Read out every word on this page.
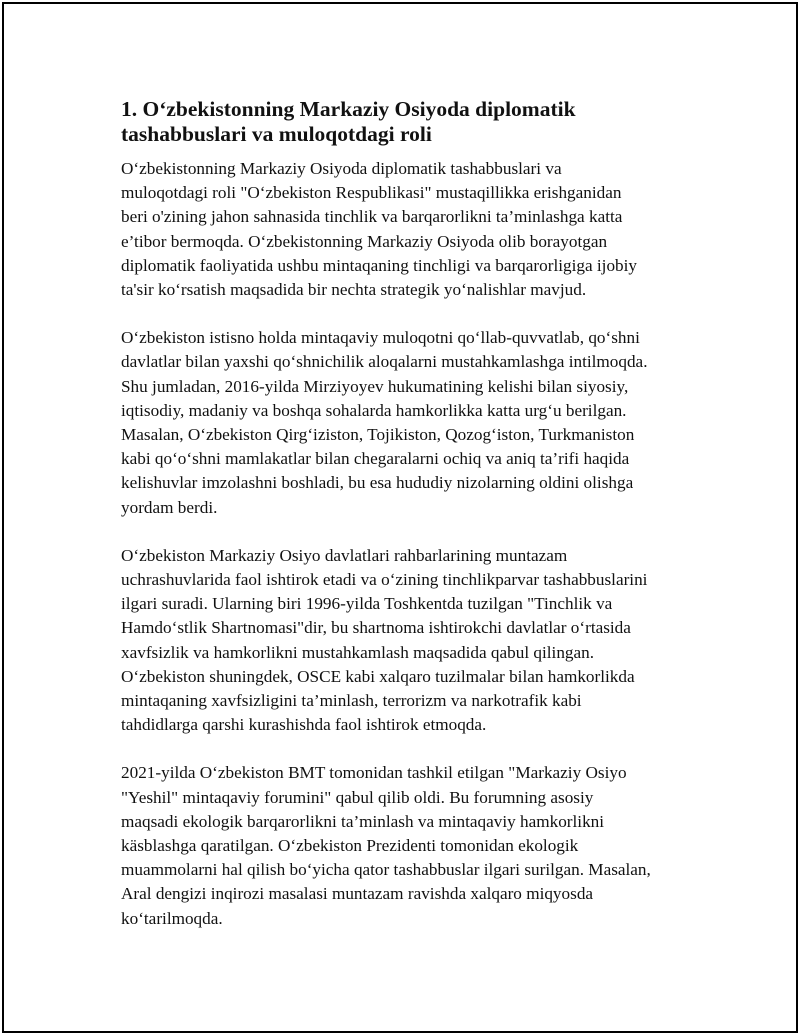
1. O‘zbekistonning Markaziy Osiyoda diplomatik
tashabbuslari va muloqotdagi roli

O‘zbekistonning Markaziy Osiyoda diplomatik tashabbuslari va
muloqotdagi roli "O‘zbekiston Respublikasi" mustaqillikka erishganidan
beri o'zining jahon sahnasida tinchlik va barqarorlikni ta’minlashga katta
e’tibor bermoqda. O‘zbekistonning Markaziy Osiyoda olib borayotgan
diplomatik faoliyatida ushbu mintaqaning tinchligi va barqarorligiga ijobiy
ta'sir ko‘rsatish maqsadida bir nechta strategik yo‘nalishlar mavjud.

O‘zbekiston istisno holda mintaqaviy muloqotni qo‘llab-quvvatlab, qo‘shni
davlatlar bilan yaxshi qo‘shnichilik aloqalarni mustahkamlashga intilmoqda.
Shu jumladan, 2016-yilda Mirziyoyev hukumatining kelishi bilan siyosiy,
iqtisodiy, madaniy va boshqa sohalarda hamkorlikka katta urg‘u berilgan.
Masalan, O‘zbekiston Qirg‘iziston, Tojikiston, Qozog‘iston, Turkmaniston
kabi qo‘o‘shni mamlakatlar bilan chegaralarni ochiq va aniq ta’rifi haqida
kelishuvlar imzolashni boshladi, bu esa hududiy nizolarning oldini olishga
yordam berdi.

O‘zbekiston Markaziy Osiyo davlatlari rahbarlarining muntazam
uchrashuvlarida faol ishtirok etadi va o‘zining tinchlikparvar tashabbuslarini
ilgari suradi. Ularning biri 1996-yilda Toshkentda tuzilgan "Tinchlik va
Hamdo‘stlik Shartnomasi"dir, bu shartnoma ishtirokchi davlatlar o‘rtasida
xavfsizlik va hamkorlikni mustahkamlash maqsadida qabul qilingan.
O‘zbekiston shuningdek, OSCE kabi xalqaro tuzilmalar bilan hamkorlikda
mintaqaning xavfsizligini ta’minlash, terrorizm va narkotrafik kabi
tahdidlarga qarshi kurashishda faol ishtirok etmoqda.

2021-yilda O‘zbekiston BMT tomonidan tashkil etilgan "Markaziy Osiyo
"Yeshil" mintaqaviy forumini" qabul qilib oldi. Bu forumning asosiy
maqsadi ekologik barqarorlikni ta’minlash va mintaqaviy hamkorlikni
käsblashga qaratilgan. O‘zbekiston Prezidenti tomonidan ekologik
muammolarni hal qilish bo‘yicha qator tashabbuslar ilgari surilgan. Masalan,
Aral dengizi inqirozi masalasi muntazam ravishda xalqaro miqyosda
ko‘tarilmoqda.
